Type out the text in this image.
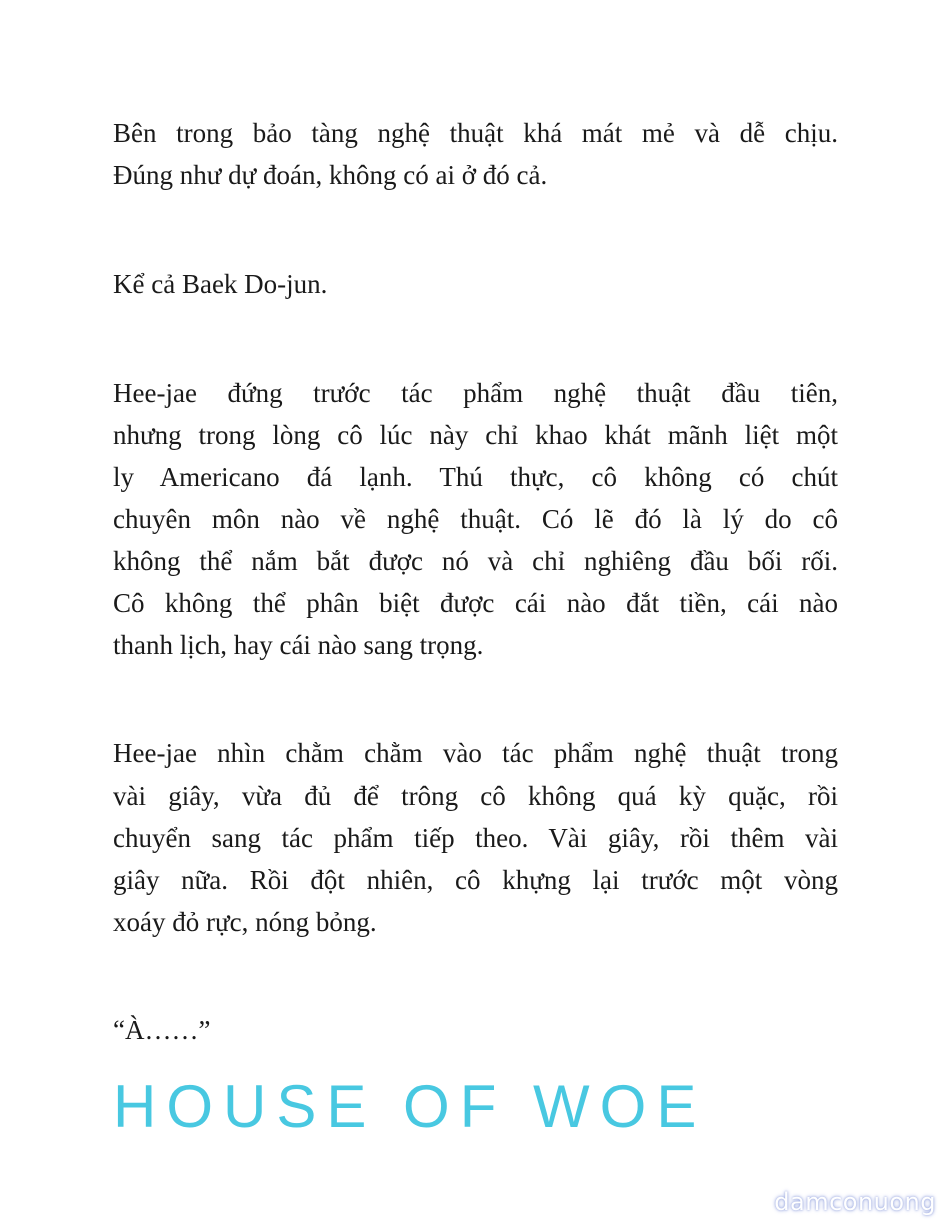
Bên trong bảo tàng nghệ thuật khá mát mẻ và dễ chịu.
Đúng như dự đoán, không có ai ở đó cả.
Kể cả Baek Do-jun.
Hee-jae đứng trước tác phẩm nghệ thuật đầu tiên,
nhưng trong lòng cô lúc này chỉ khao khát mãnh liệt một
ly Americano đá lạnh. Thú thực, cô không có chút
chuyên môn nào về nghệ thuật. Có lẽ đó là lý do cô
không thể nắm bắt được nó và chỉ nghiêng đầu bối rối.
Cô không thể phân biệt được cái nào đắt tiền, cái nào
thanh lịch, hay cái nào sang trọng.
Hee-jae nhìn chằm chằm vào tác phẩm nghệ thuật trong
vài giây, vừa đủ để trông cô không quá kỳ quặc, rồi
chuyển sang tác phẩm tiếp theo. Vài giây, rồi thêm vài
giây nữa. Rồi đột nhiên, cô khựng lại trước một vòng
xoáy đỏ rực, nóng bỏng.
“À……”
HOUSE OF WOE
damconuong
